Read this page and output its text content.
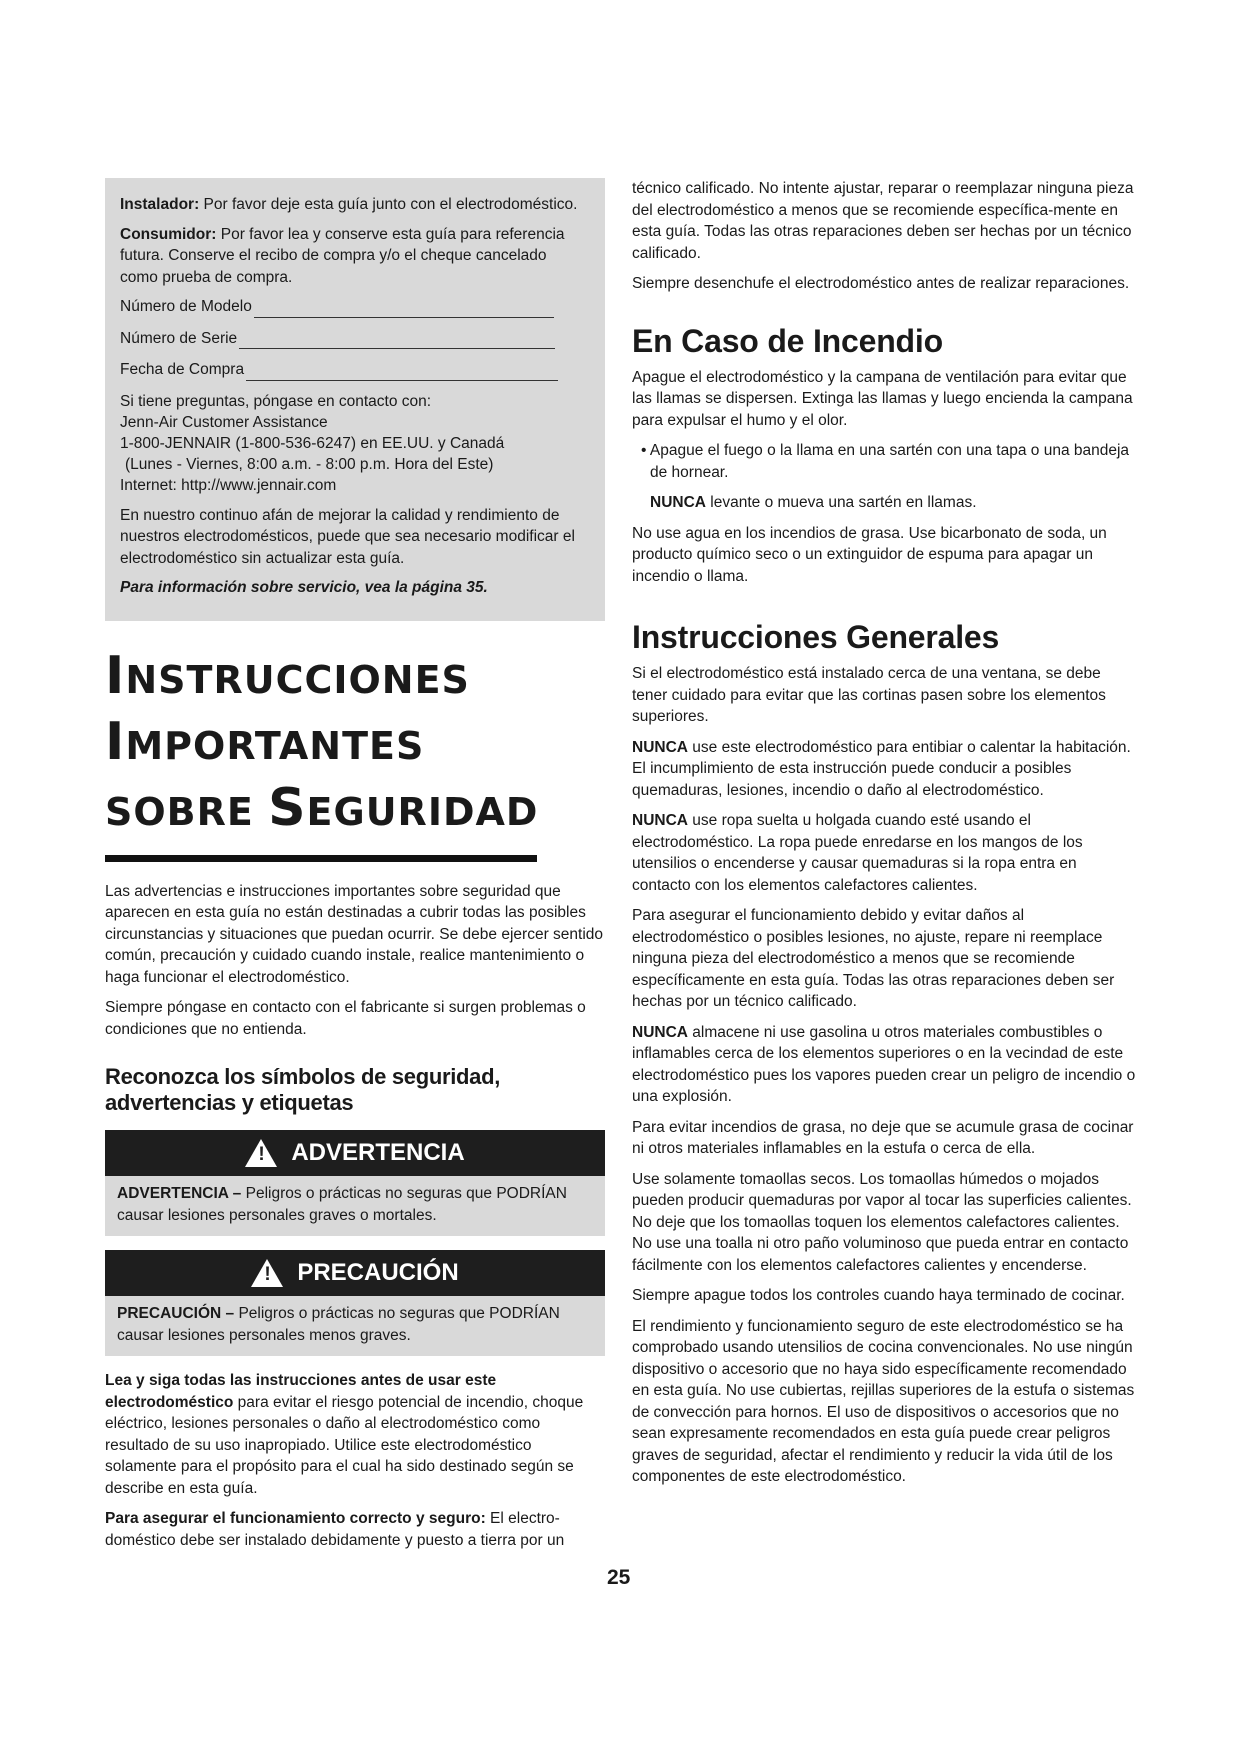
Instalador: Por favor deje esta guía junto con el electrodoméstico.

Consumidor: Por favor lea y conserve esta guía para referencia futura. Conserve el recibo de compra y/o el cheque cancelado como prueba de compra.

Número de Modelo
Número de Serie
Fecha de Compra
Si tiene preguntas, póngase en contacto con:
Jenn-Air Customer Assistance
1-800-JENNAIR (1-800-536-6247) en EE.UU. y Canadá
(Lunes - Viernes, 8:00 a.m. - 8:00 p.m. Hora del Este)
Internet: http://www.jennair.com

En nuestro continuo afán de mejorar la calidad y rendimiento de nuestros electrodomésticos, puede que sea necesario modificar el electrodoméstico sin actualizar esta guía.

Para información sobre servicio, vea la página 35.

INSTRUCCIONES
IMPORTANTES
SOBRE SEGURIDAD

Las advertencias e instrucciones importantes sobre seguridad que aparecen en esta guía no están destinadas a cubrir todas las posibles circunstancias y situaciones que puedan ocurrir. Se debe ejercer sentido común, precaución y cuidado cuando instale, realice mantenimiento o haga funcionar el electrodoméstico.

Siempre póngase en contacto con el fabricante si surgen problemas o condiciones que no entienda.

Reconozca los símbolos de seguridad, advertencias y etiquetas
! ADVERTENCIA

ADVERTENCIA – Peligros o prácticas no seguras que PODRÍAN causar lesiones personales graves o mortales.

! PRECAUCIÓN

PRECAUCIÓN – Peligros o prácticas no seguras que PODRÍAN causar lesiones personales menos graves.

Lea y siga todas las instrucciones antes de usar este electrodoméstico para evitar el riesgo potencial de incendio, choque eléctrico, lesiones personales o daño al electrodoméstico como resultado de su uso inapropiado. Utilice este electrodoméstico solamente para el propósito para el cual ha sido destinado según se describe en esta guía.

Para asegurar el funcionamiento correcto y seguro: El electro-doméstico debe ser instalado debidamente y puesto a tierra por un

técnico calificado. No intente ajustar, reparar o reemplazar ninguna pieza del electrodoméstico a menos que se recomiende específica-mente en esta guía. Todas las otras reparaciones deben ser hechas por un técnico calificado.

Siempre desenchufe el electrodoméstico antes de realizar reparaciones.

En Caso de Incendio

Apague el electrodoméstico y la campana de ventilación para evitar que las llamas se dispersen. Extinga las llamas y luego encienda la campana para expulsar el humo y el olor.

• Apague el fuego o la llama en una sartén con una tapa o una bandeja de hornear.

NUNCA levante o mueva una sartén en llamas.

No use agua en los incendios de grasa. Use bicarbonato de soda, un producto químico seco o un extinguidor de espuma para apagar un incendio o llama.

Instrucciones Generales

Si el electrodoméstico está instalado cerca de una ventana, se debe tener cuidado para evitar que las cortinas pasen sobre los elementos superiores.

NUNCA use este electrodoméstico para entibiar o calentar la habitación. El incumplimiento de esta instrucción puede conducir a posibles quemaduras, lesiones, incendio o daño al electrodoméstico.

NUNCA use ropa suelta u holgada cuando esté usando el electrodoméstico. La ropa puede enredarse en los mangos de los utensilios o encenderse y causar quemaduras si la ropa entra en contacto con los elementos calefactores calientes.

Para asegurar el funcionamiento debido y evitar daños al electrodoméstico o posibles lesiones, no ajuste, repare ni reemplace ninguna pieza del electrodoméstico a menos que se recomiende específicamente en esta guía. Todas las otras reparaciones deben ser hechas por un técnico calificado.

NUNCA almacene ni use gasolina u otros materiales combustibles o inflamables cerca de los elementos superiores o en la vecindad de este electrodoméstico pues los vapores pueden crear un peligro de incendio o una explosión.

Para evitar incendios de grasa, no deje que se acumule grasa de cocinar ni otros materiales inflamables en la estufa o cerca de ella.

Use solamente tomaollas secos. Los tomaollas húmedos o mojados pueden producir quemaduras por vapor al tocar las superficies calientes. No deje que los tomaollas toquen los elementos calefactores calientes. No use una toalla ni otro paño voluminoso que pueda entrar en contacto fácilmente con los elementos calefactores calientes y encenderse.

Siempre apague todos los controles cuando haya terminado de cocinar.

El rendimiento y funcionamiento seguro de este electrodoméstico se ha comprobado usando utensilios de cocina convencionales. No use ningún dispositivo o accesorio que no haya sido específicamente recomendado en esta guía. No use cubiertas, rejillas superiores de la estufa o sistemas de convección para hornos. El uso de dispositivos o accesorios que no sean expresamente recomendados en esta guía puede crear peligros graves de seguridad, afectar el rendimiento y reducir la vida útil de los componentes de este electrodoméstico.

25
